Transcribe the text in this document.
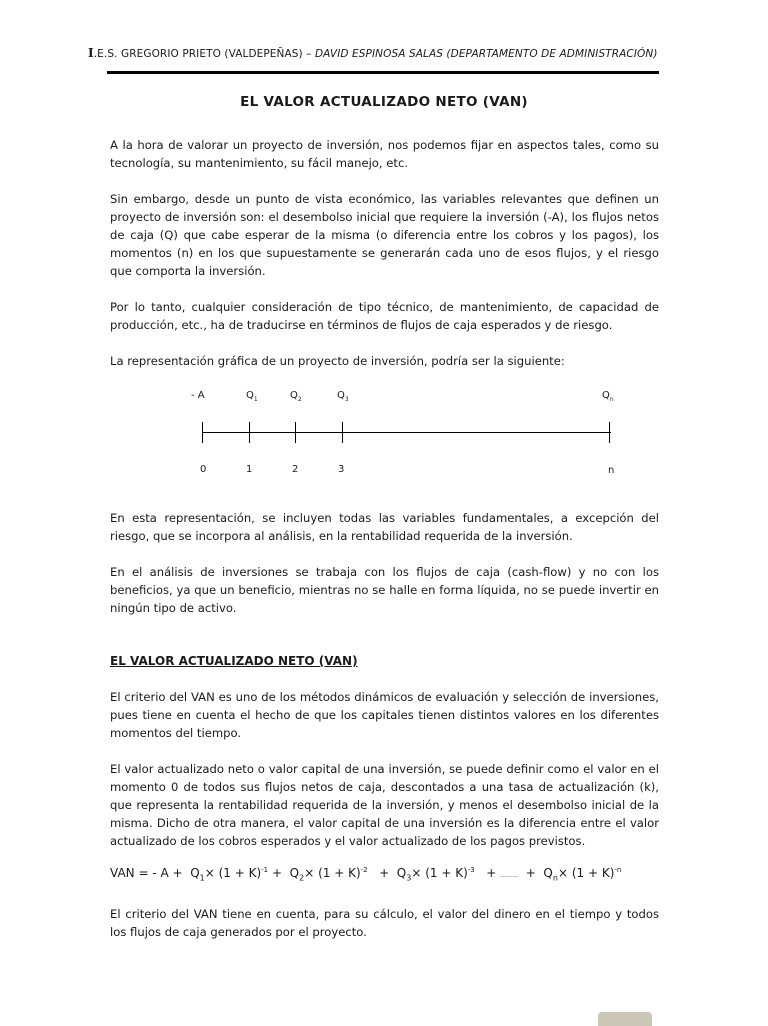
I.E.S. GREGORIO PRIETO (VALDEPEÑAS) – DAVID ESPINOSA SALAS (DEPARTAMENTO DE ADMINISTRACIÓN)
EL VALOR ACTUALIZADO NETO (VAN)
A la hora de valorar un proyecto de inversión, nos podemos fijar en aspectos tales, como su tecnología, su mantenimiento, su fácil manejo, etc.
Sin embargo, desde un punto de vista económico, las variables relevantes que definen un proyecto de inversión son: el desembolso inicial que requiere la inversión (-A), los flujos netos de caja (Q) que cabe esperar de la misma (o diferencia entre los cobros y los pagos), los momentos (n) en los que supuestamente se generarán cada uno de esos flujos, y el riesgo que comporta la inversión.
Por lo tanto, cualquier consideración de tipo técnico, de mantenimiento, de capacidad de producción, etc., ha de traducirse en términos de flujos de caja esperados y de riesgo.
La representación gráfica de un proyecto de inversión, podría ser la siguiente:
- A	$Q_1$	$Q_2$	$Q_3$	$Q_n$
0	1	2	3	n
En esta representación, se incluyen todas las variables fundamentales, a excepción del riesgo, que se incorpora al análisis, en la rentabilidad requerida de la inversión.
En el análisis de inversiones se trabaja con los flujos de caja (cash-flow) y no con los beneficios, ya que un beneficio, mientras no se halle en forma líquida, no se puede invertir en ningún tipo de activo.
EL VALOR ACTUALIZADO NETO (VAN)
El criterio del VAN es uno de los métodos dinámicos de evaluación y selección de inversiones, pues tiene en cuenta el hecho de que los capitales tienen distintos valores en los diferentes momentos del tiempo.
El valor actualizado neto o valor capital de una inversión, se puede definir como el valor en el momento 0 de todos sus flujos netos de caja, descontados a una tasa de actualización (k), que representa la rentabilidad requerida de la inversión, y menos el desembolso inicial de la misma. Dicho de otra manera, el valor capital de una inversión es la diferencia entre el valor actualizado de los cobros esperados y el valor actualizado de los pagos previstos.
VAN = - $A + Q_1\times (1 + K)^{-1} + Q_2\times (1 + K)^{-2} + Q_3\times (1 + K)^{-3}$ + ……… + $Q_n\times (1 + K)^{-n}$
El criterio del VAN tiene en cuenta, para su cálculo, el valor del dinero en el tiempo y todos los flujos de caja generados por el proyecto.
